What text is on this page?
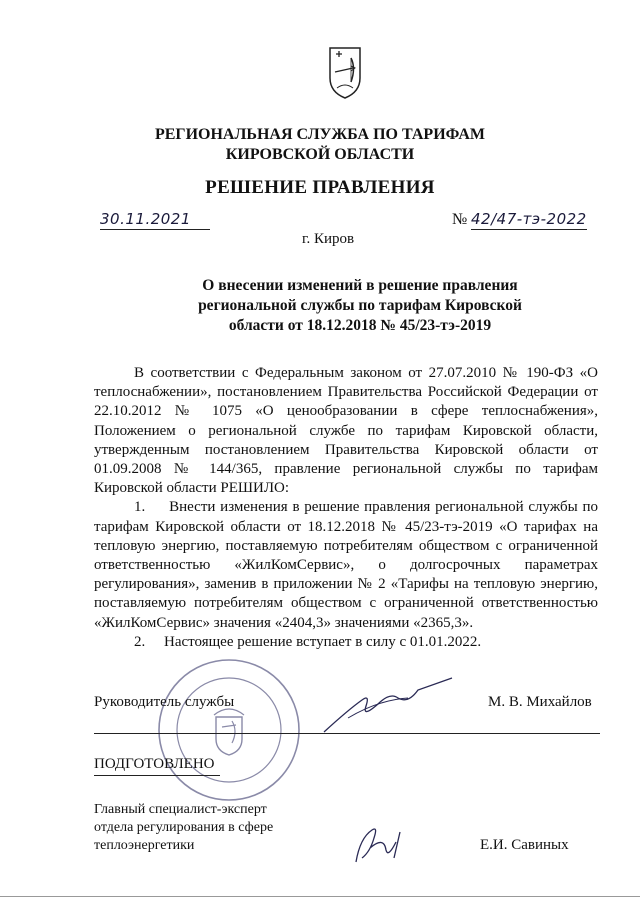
РЕГИОНАЛЬНАЯ СЛУЖБА ПО ТАРИФАМ
КИРОВСКОЙ ОБЛАСТИ
РЕШЕНИЕ ПРАВЛЕНИЯ
30.11.2021	№ 42/47-тэ-2022
г. Киров
О внесении изменений в решение правления
региональной службы по тарифам Кировской
области от 18.12.2018 № 45/23-тэ-2019

В соответствии с Федеральным законом от 27.07.2010 № 190-ФЗ «О теплоснабжении», постановлением Правительства Российской Федерации от 22.10.2012 № 1075 «О ценообразовании в сфере теплоснабжения», Положением о региональной службе по тарифам Кировской области, утвержденным постановлением Правительства Кировской области от 01.09.2008 № 144/365, правление региональной службы по тарифам Кировской области РЕШИЛО:

1. Внести изменения в решение правления региональной службы по тарифам Кировской области от 18.12.2018 № 45/23-тэ-2019 «О тарифах на тепловую энергию, поставляемую потребителям обществом с ограниченной ответственностью «ЖилКомСервис», о долгосрочных параметрах регулирования», заменив в приложении № 2 «Тарифы на тепловую энергию, поставляемую потребителям обществом с ограниченной ответственностью «ЖилКомСервис» значения «2404,3» значениями «2365,3».

2. Настоящее решение вступает в силу с 01.01.2022.

Руководитель службы	М. В. Михайлов
ПОДГОТОВЛЕНО
Главный специалист-эксперт
отдела регулирования в сфере
теплоэнергетики	Е.И. Савиных
